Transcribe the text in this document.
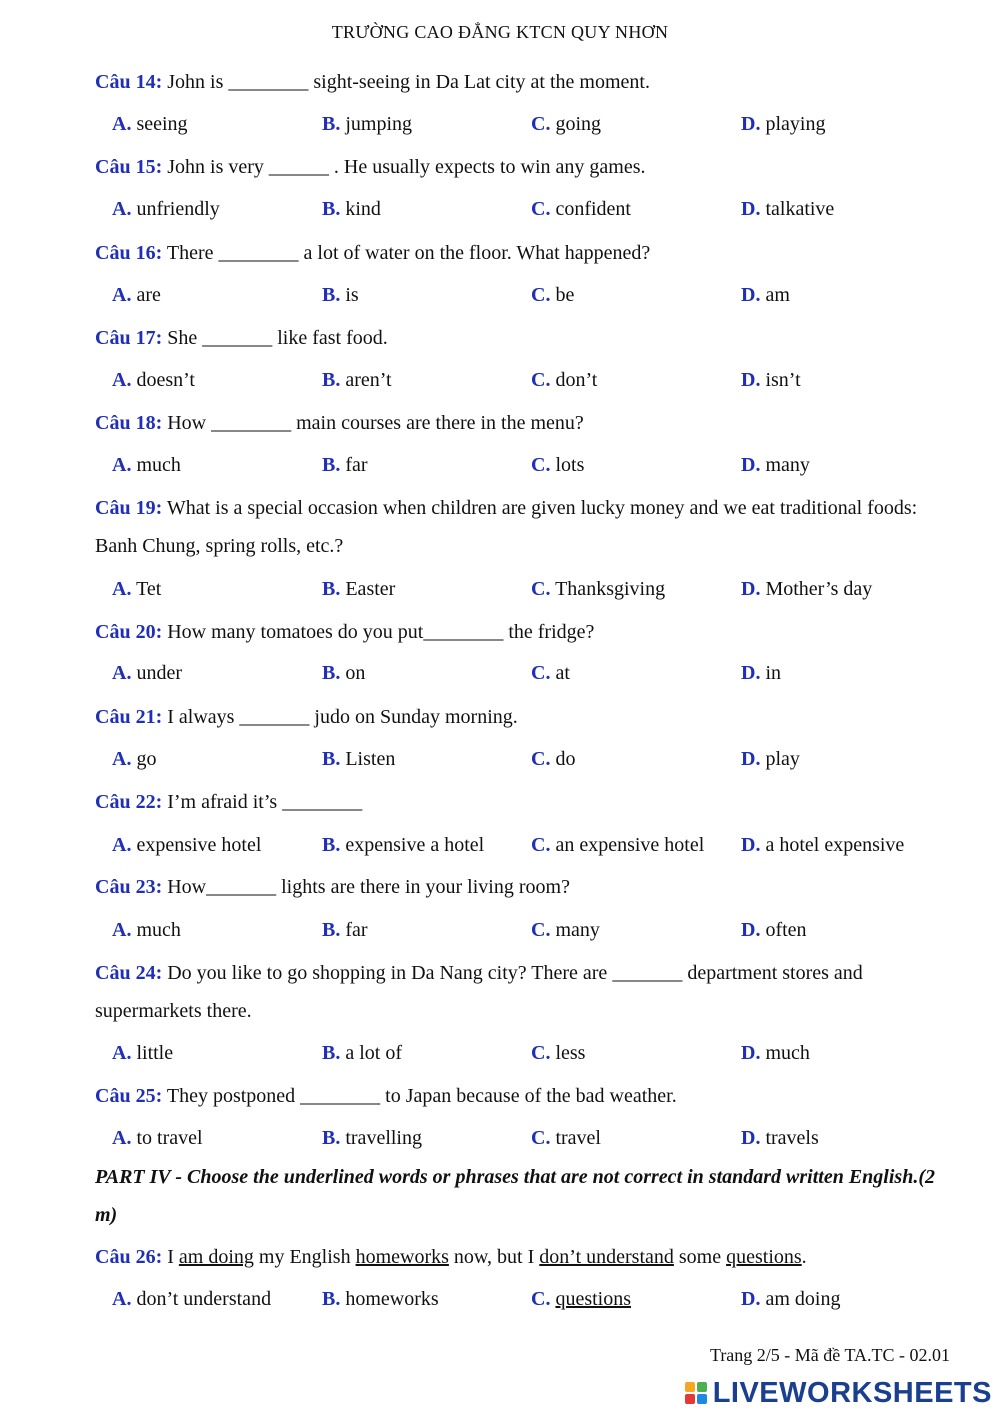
TRƯỜNG CAO ĐẲNG KTCN QUY NHƠN
Câu 14: John is ________ sight-seeing in Da Lat city at the moment.
A. seeing	B. jumping	C. going	D. playing
Câu 15: John is very ______ . He usually expects to win any games.
A. unfriendly	B. kind	C. confident	D. talkative
Câu 16: There ________ a lot of water on the floor. What happened?
A. are	B. is	C. be	D. am
Câu 17: She _______ like fast food.
A. doesn’t	B. aren’t	C. don’t	D. isn’t
Câu 18: How ________ main courses are there in the menu?
A. much	B. far	C. lots	D. many
Câu 19: What is a special occasion when children are given lucky money and we eat traditional foods: Banh Chung, spring rolls, etc.?
A. Tet	B. Easter	C. Thanksgiving	D. Mother’s day
Câu 20: How many tomatoes do you put________ the fridge?
A. under	B. on	C. at	D. in
Câu 21: I always _______ judo on Sunday morning.
A. go	B. Listen	C. do	D. play
Câu 22: I’m afraid it’s ________
A. expensive hotel	B. expensive a hotel C. an expensive hotel D. a hotel expensive
Câu 23: How_______ lights are there in your living room?
A. much	B. far	C. many	D. often
Câu 24: Do you like to go shopping in Da Nang city? There are _______ department stores and supermarkets there.
A. little	B. a lot of	C. less	D. much
Câu 25: They postponed ________ to Japan because of the bad weather.
A. to travel	B. travelling	C. travel	D. travels
PART IV - Choose the underlined words or phrases that are not correct in standard written English.(2 m)
Câu 26: I am doing my English homeworks now, but I don’t understand some questions.
A. don’t understand	B. homeworks	C. questions	D. am doing
Trang 2/5 - Mã đề TA.TC - 02.01
LIVEWORKSHEETS
